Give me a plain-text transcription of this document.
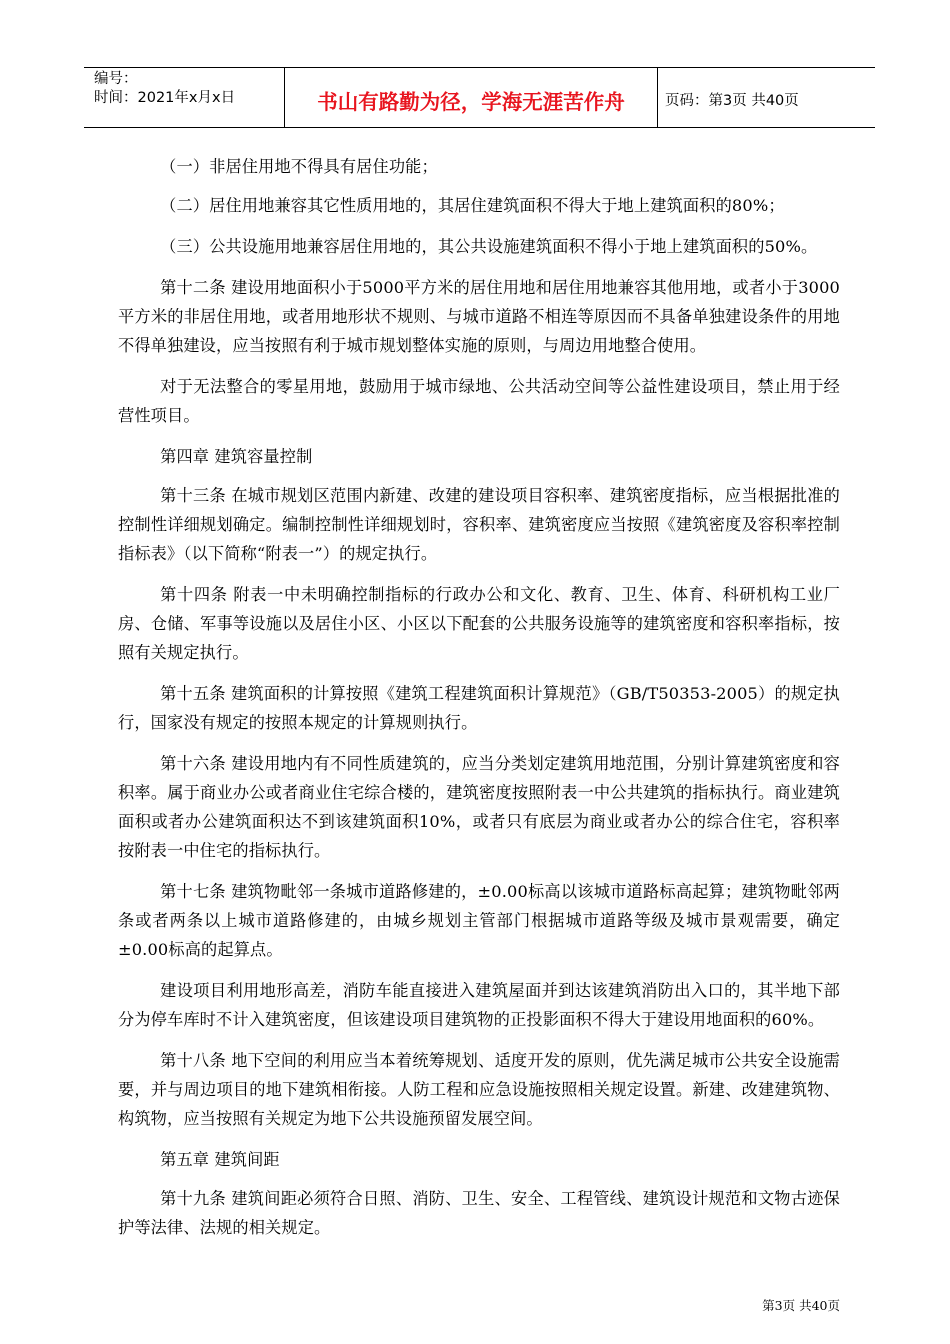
编号：
时间：2021年x月x日	书山有路勤为径，学海无涯苦作舟	页码：第3页 共40页

（一）非居住用地不得具有居住功能；

（二）居住用地兼容其它性质用地的，其居住建筑面积不得大于地上建筑面积的80%；

（三）公共设施用地兼容居住用地的，其公共设施建筑面积不得小于地上建筑面积的50%。

第十二条 建设用地面积小于5000平方米的居住用地和居住用地兼容其他用地，或者小于3000平方米的非居住用地，或者用地形状不规则、与城市道路不相连等原因而不具备单独建设条件的用地不得单独建设，应当按照有利于城市规划整体实施的原则，与周边用地整合使用。

对于无法整合的零星用地，鼓励用于城市绿地、公共活动空间等公益性建设项目，禁止用于经营性项目。

第四章 建筑容量控制

第十三条 在城市规划区范围内新建、改建的建设项目容积率、建筑密度指标，应当根据批准的控制性详细规划确定。编制控制性详细规划时，容积率、建筑密度应当按照《建筑密度及容积率控制指标表》（以下简称“附表一”）的规定执行。

第十四条 附表一中未明确控制指标的行政办公和文化、教育、卫生、体育、科研机构工业厂房、仓储、军事等设施以及居住小区、小区以下配套的公共服务设施等的建筑密度和容积率指标，按照有关规定执行。

第十五条 建筑面积的计算按照《建筑工程建筑面积计算规范》（GB/T50353-2005）的规定执行，国家没有规定的按照本规定的计算规则执行。

第十六条 建设用地内有不同性质建筑的，应当分类划定建筑用地范围，分别计算建筑密度和容积率。属于商业办公或者商业住宅综合楼的，建筑密度按照附表一中公共建筑的指标执行。商业建筑面积或者办公建筑面积达不到该建筑面积10%，或者只有底层为商业或者办公的综合住宅，容积率按附表一中住宅的指标执行。

第十七条 建筑物毗邻一条城市道路修建的，±0.00标高以该城市道路标高起算；建筑物毗邻两条或者两条以上城市道路修建的，由城乡规划主管部门根据城市道路等级及城市景观需要，确定±0.00标高的起算点。

建设项目利用地形高差，消防车能直接进入建筑屋面并到达该建筑消防出入口的，其半地下部分为停车库时不计入建筑密度，但该建设项目建筑物的正投影面积不得大于建设用地面积的60%。

第十八条 地下空间的利用应当本着统筹规划、适度开发的原则，优先满足城市公共安全设施需要，并与周边项目的地下建筑相衔接。人防工程和应急设施按照相关规定设置。新建、改建建筑物、构筑物，应当按照有关规定为地下公共设施预留发展空间。

第五章 建筑间距

第十九条 建筑间距必须符合日照、消防、卫生、安全、工程管线、建筑设计规范和文物古迹保护等法律、法规的相关规定。

第3页 共40页
